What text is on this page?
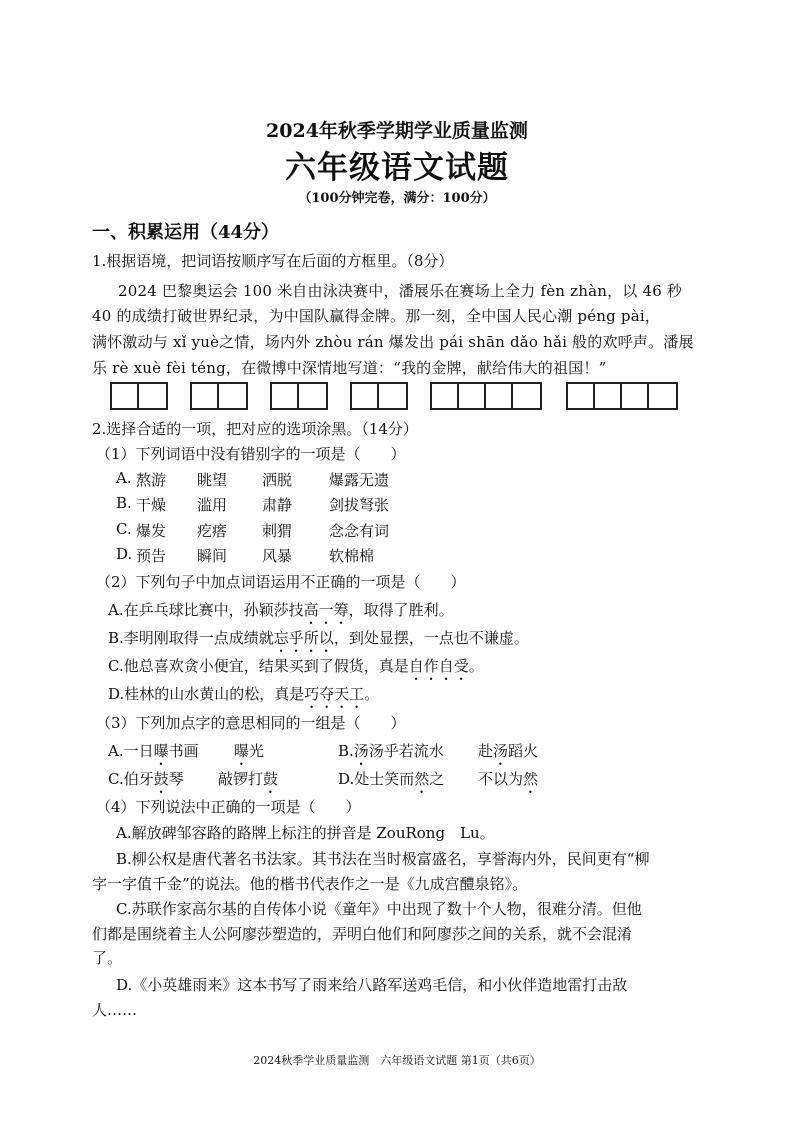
2024年秋季学期学业质量监测
六年级语文试题
（100分钟完卷，满分：100分）
一、积累运用（44分）
1.根据语境，把词语按顺序写在后面的方框里。（8分）
2024 巴黎奥运会 100 米自由泳决赛中，潘展乐在赛场上全力 fèn zhàn，以 46 秒
40 的成绩打破世界纪录，为中国队赢得金牌。那一刻，全中国人民心潮 péng pài，
满怀激动与 xǐ yuè之情，场内外 zhòu rán 爆发出 pái shān dǎo hǎi 般的欢呼声。潘展
乐 rè xuè fèi téng，在微博中深情地写道：“我的金牌，献给伟大的祖国！”
2.选择合适的一项，把对应的选项涂黑。（14分）
（1）下列词语中没有错别字的一项是（　　）
A. 熬游 眺望 洒脱 爆露无遗
B. 干燥 滥用 肃静 剑拔弩张
C. 爆发 疙瘩 刺猬 念念有词
D. 预告 瞬间 风暴 软棉棉
（2）下列句子中加点词语运用不正确的一项是（　　）
A.在乒乓球比赛中，孙颖莎技高一筹，取得了胜利。
B.李明刚取得一点成绩就忘乎所以，到处显摆，一点也不谦虚。
C.他总喜欢贪小便宜，结果买到了假货，真是自作自受。
D.桂林的山水黄山的松，真是巧夺天工。
（3）下列加点字的意思相同的一组是（　　）
A.一日曝书画 曝光	B.汤汤乎若流水 赴汤蹈火
C.伯牙鼓琴 敲锣打鼓	D.处士笑而然之 不以为然
（4）下列说法中正确的一项是（　　）
A.解放碑邹容路的路牌上标注的拼音是 ZouRong　Lu。
B.柳公权是唐代著名书法家。其书法在当时极富盛名，享誉海内外，民间更有“柳
字一字值千金”的说法。他的楷书代表作之一是《九成宫醴泉铭》。
C.苏联作家高尔基的自传体小说《童年》中出现了数十个人物，很难分清。但他
们都是围绕着主人公阿廖莎塑造的，弄明白他们和阿廖莎之间的关系，就不会混淆
了。
D.《小英雄雨来》这本书写了雨来给八路军送鸡毛信，和小伙伴造地雷打击敌
人……
2024秋季学业质量监测　六年级语文试题 第1页（共6页）
